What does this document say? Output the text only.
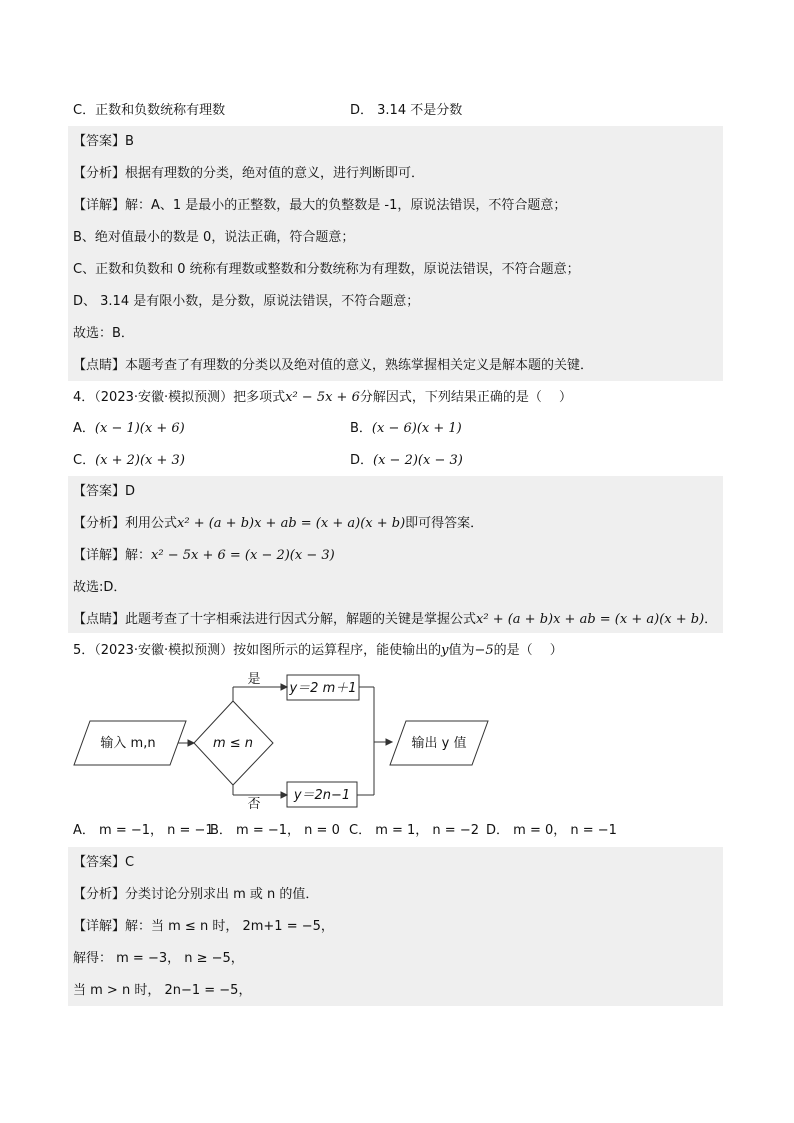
C．正数和负数统称有理数	D． 3.14 不是分数
【答案】B
【分析】根据有理数的分类，绝对值的意义，进行判断即可．
【详解】解：A、1 是最小的正整数，最大的负整数是 -1，原说法错误，不符合题意；
B、绝对值最小的数是 0，说法正确，符合题意；
C、正数和负数和 0 统称有理数或整数和分数统称为有理数，原说法错误，不符合题意；
D、 3.14 是有限小数，是分数，原说法错误，不符合题意；
故选：B．
【点睛】本题考查了有理数的分类以及绝对值的意义，熟练掌握相关定义是解本题的关键．
4．（2023·安徽·模拟预测）把多项式x² − 5x + 6分解因式，下列结果正确的是（　 ）
A．(x − 1)(x + 6)	B．(x − 6)(x + 1)
C．(x + 2)(x + 3)	D．(x − 2)(x − 3)
【答案】D
【分析】利用公式x² + (a + b)x + ab = (x + a)(x + b)即可得答案．
【详解】解：x² − 5x + 6 = (x − 2)(x − 3)
故选:D．
【点睛】此题考查了十字相乘法进行因式分解，解题的关键是掌握公式x² + (a + b)x + ab = (x + a)(x + b)．
5．（2023·安徽·模拟预测）按如图所示的运算程序，能使输出的y值为−5的是（　 ）
输入 m,n	m ≤ n
是
否
y＝2 m＋1
y＝2n−1
输出 y 值
A． m = −1， n = −1
B． m = −1， n = 0 C． m = 1， n = −2 D． m = 0， n = −1
【答案】C
【分析】分类讨论分别求出 m 或 n 的值．
【详解】解：当 m ≤ n 时， 2m+1 = −5，
解得： m = −3， n ≥ −5，
当 m > n 时， 2n−1 = −5，
